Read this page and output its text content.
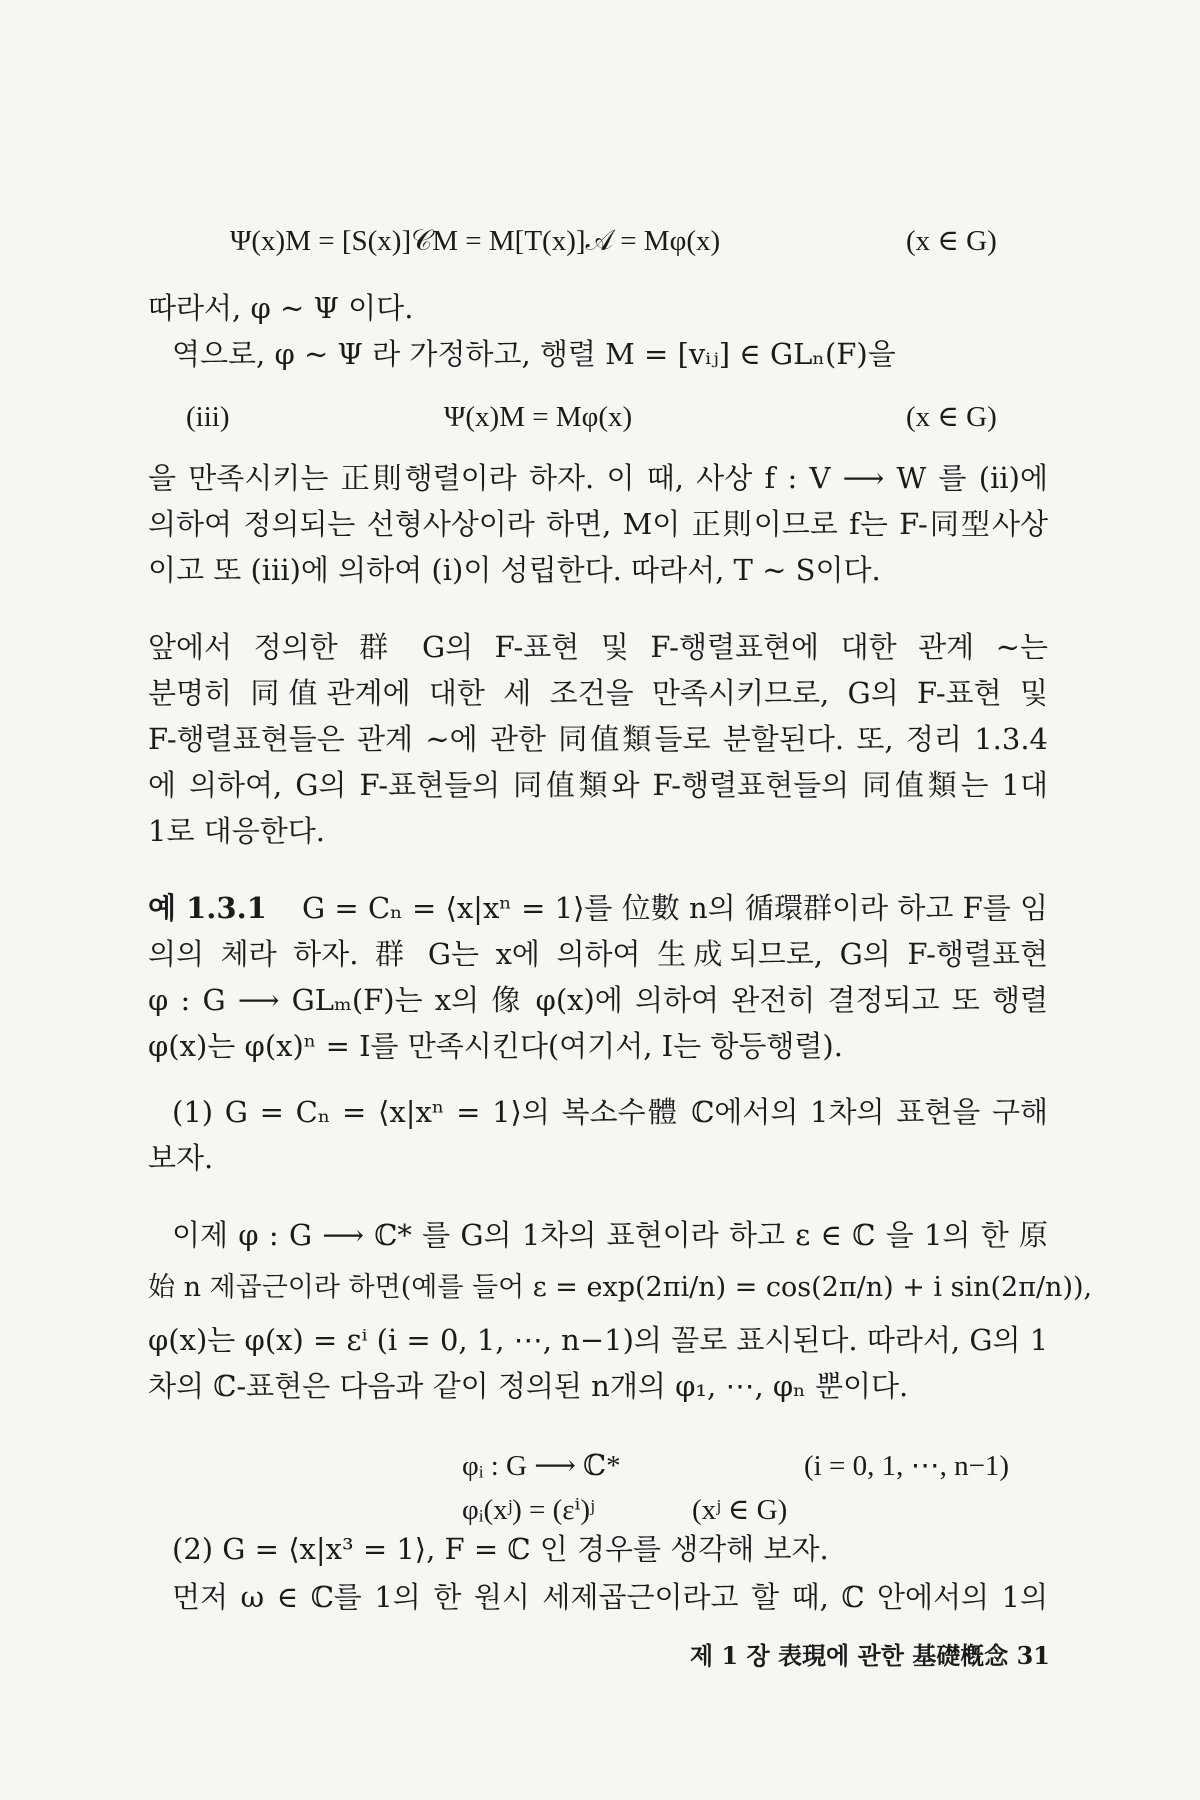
Ψ(x)M = [S(x)]𝒞M = M[T(x)]𝒜 = Mφ(x)	(x ∈ G)
따라서, φ ∼ Ψ 이다.
역으로, φ ∼ Ψ 라 가정하고, 행렬 M = [vᵢⱼ] ∈ GLₙ(F)을
(iii)	Ψ(x)M = Mφ(x)	(x ∈ G)
을 만족시키는 正則행렬이라 하자. 이 때, 사상 f : V ⟶ W 를 (ii)에
의하여 정의되는 선형사상이라 하면, M이 正則이므로 f는 F-同型사상
이고 또 (iii)에 의하여 (i)이 성립한다. 따라서, T ∼ S이다.
앞에서 정의한 群 G의 F-표현 및 F-행렬표현에 대한 관계 ∼는
분명히 同值관계에 대한 세 조건을 만족시키므로, G의 F-표현 및
F-행렬표현들은 관계 ∼에 관한 同值類들로 분할된다. 또, 정리 1.3.4
에 의하여, G의 F-표현들의 同值類와 F-행렬표현들의 同值類는 1대
1로 대응한다.
예 1.3.1 G = Cₙ = ⟨x|xⁿ = 1⟩를 位數 n의 循環群이라 하고 F를 임
의의 체라 하자. 群 G는 x에 의하여 生成되므로, G의 F-행렬표현
φ : G ⟶ GLₘ(F)는 x의 像 φ(x)에 의하여 완전히 결정되고 또 행렬
φ(x)는 φ(x)ⁿ = I를 만족시킨다(여기서, I는 항등행렬).
(1) G = Cₙ = ⟨x|xⁿ = 1⟩의 복소수體 ℂ에서의 1차의 표현을 구해
보자.
이제 φ : G ⟶ ℂ* 를 G의 1차의 표현이라 하고 ε ∈ ℂ 을 1의 한 原
始 n 제곱근이라 하면(예를 들어 ε = exp(2πi/n) = cos(2π/n) + i sin(2π/n)),
φ(x)는 φ(x) = εⁱ (i = 0, 1, ⋯, n−1)의 꼴로 표시된다. 따라서, G의 1
차의 ℂ-표현은 다음과 같이 정의된 n개의 φ₁, ⋯, φₙ 뿐이다.
φᵢ : G ⟶ ℂ*	(i = 0, 1, ⋯, n−1)
φᵢ(xʲ) = (εⁱ)ʲ	(xʲ ∈ G)
(2) G = ⟨x|x³ = 1⟩, F = ℂ 인 경우를 생각해 보자.
제 1 장 表現에 관한 基礎槪念 31
먼저 ω ∈ ℂ를 1의 한 원시 세제곱근이라고 할 때, ℂ 안에서의 1의
